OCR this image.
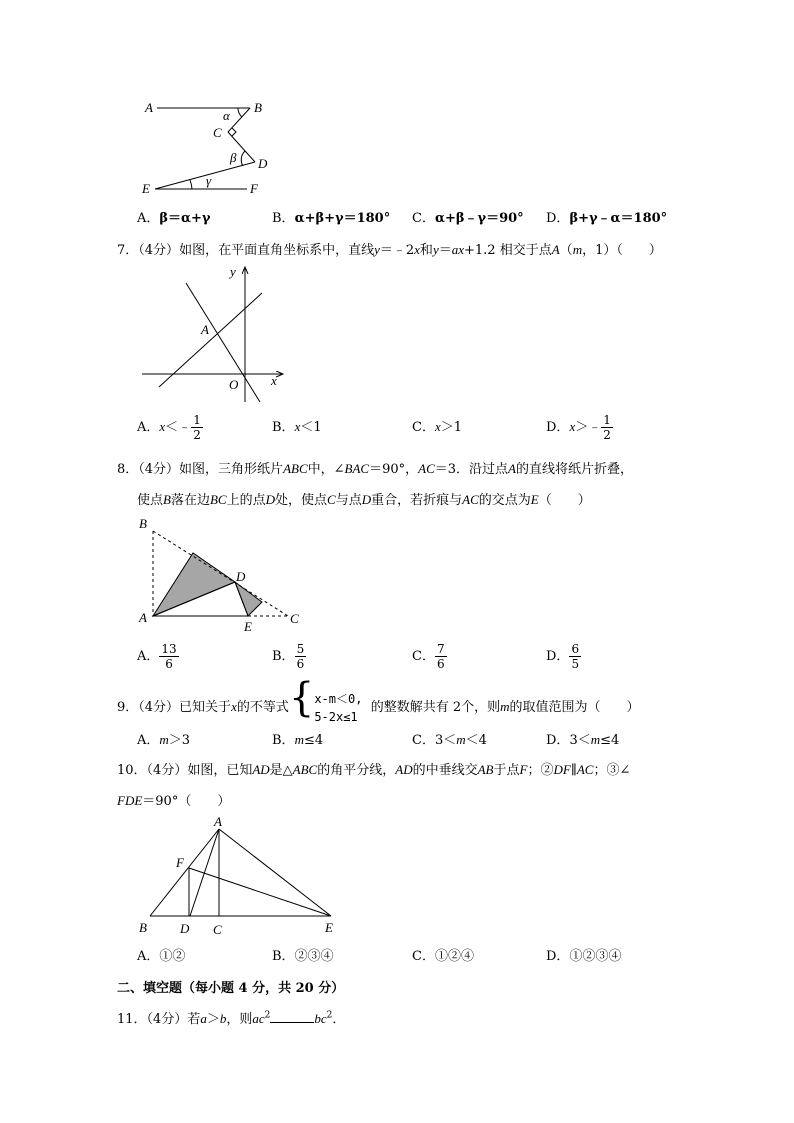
A	B
C
D
E	F
α
β
γ
A．β＝α+γ	B．α+β+γ＝180° C．α+β﹣γ＝90° D．β+γ﹣α＝180°
7．（4分）如图，在平面直角坐标系中，直线y＝﹣2x和y＝ax+1.2 相交于点A（m，1）（　　）
y
x
O
A
A．x＜﹣ $\frac{1}{2}$	B．x＜1	C．x＞1	D．x＞﹣ $\frac{1}{2}$
8．（4分）如图，三角形纸片ABC中，∠BAC＝90°，AC＝3．沿过点A的直线将纸片折叠，
使点B落在边BC上的点D处，使点C与点D重合，若折痕与AC的交点为E（　　）
B
A
D
E
C
A． $\frac{13}{6}$	B． $\frac{5}{6}$	C． $\frac{7}{6}$	D． $\frac{6}{5}$
9．（4分）已知关于x的不等式{ x-m＜0,
5-2x≤1
的整数解共有 2个，则m的取值范围为（　　）
A．m＞3	B．m≤4	C．3＜m＜4	D．3＜m≤4
10．（4分）如图，已知AD是△ABC的角平分线，AD的中垂线交AB于点F；②DF∥AC；③∠
FDE＝90°（　　）
A
F
B	D C	E
A．①②	B．②③④	C．①②④	D．①②③④
二、填空题（每小题 4 分，共 20 分）
11．（4分）若a＞b，则$ac^2$	$bc^2$．
